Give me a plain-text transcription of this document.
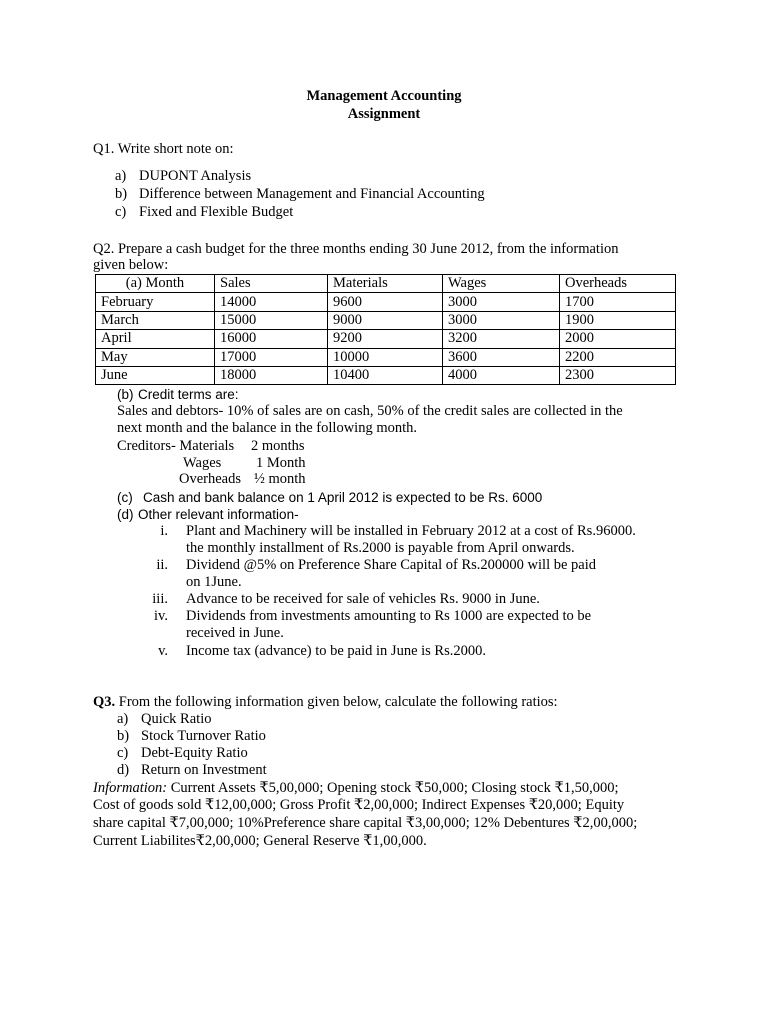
Management Accounting
Assignment
Q1. Write short note on:
a) DUPONT Analysis
b) Difference between Management and Financial Accounting
c) Fixed and Flexible Budget
Q2. Prepare a cash budget for the three months ending 30 June 2012, from the information
given below:
(a) Month	Sales	Materials	Wages	Overheads
February	14000	9600	3000	1700
March	15000	9000	3000	1900
April	16000	9200	3200	2000
May	17000	10000	3600	2200
June	18000	10400	4000	2300
(b) Credit terms are:
Sales and debtors- 10% of sales are on cash, 50% of the credit sales are collected in the
next month and the balance in the following month.
Creditors- Materials 2 months
Wages 1 Month
Overheads ½ month
(c) Cash and bank balance on 1 April 2012 is expected to be Rs. 6000
(d) Other relevant information-
i. Plant and Machinery will be installed in February 2012 at a cost of Rs.96000.
the monthly installment of Rs.2000 is payable from April onwards.
ii. Dividend @5% on Preference Share Capital of Rs.200000 will be paid
on 1June.
iii. Advance to be received for sale of vehicles Rs. 9000 in June.
iv. Dividends from investments amounting to Rs 1000 are expected to be
received in June.
v. Income tax (advance) to be paid in June is Rs.2000.
Q3. From the following information given below, calculate the following ratios:
a) Quick Ratio
b) Stock Turnover Ratio
c) Debt-Equity Ratio
d) Return on Investment
Information: Current Assets ₹5,00,000; Opening stock ₹50,000; Closing stock ₹1,50,000;
Cost of goods sold ₹12,00,000; Gross Profit ₹2,00,000; Indirect Expenses ₹20,000; Equity
share capital ₹7,00,000; 10%Preference share capital ₹3,00,000; 12% Debentures ₹2,00,000;
Current Liabilites₹2,00,000; General Reserve ₹1,00,000.
